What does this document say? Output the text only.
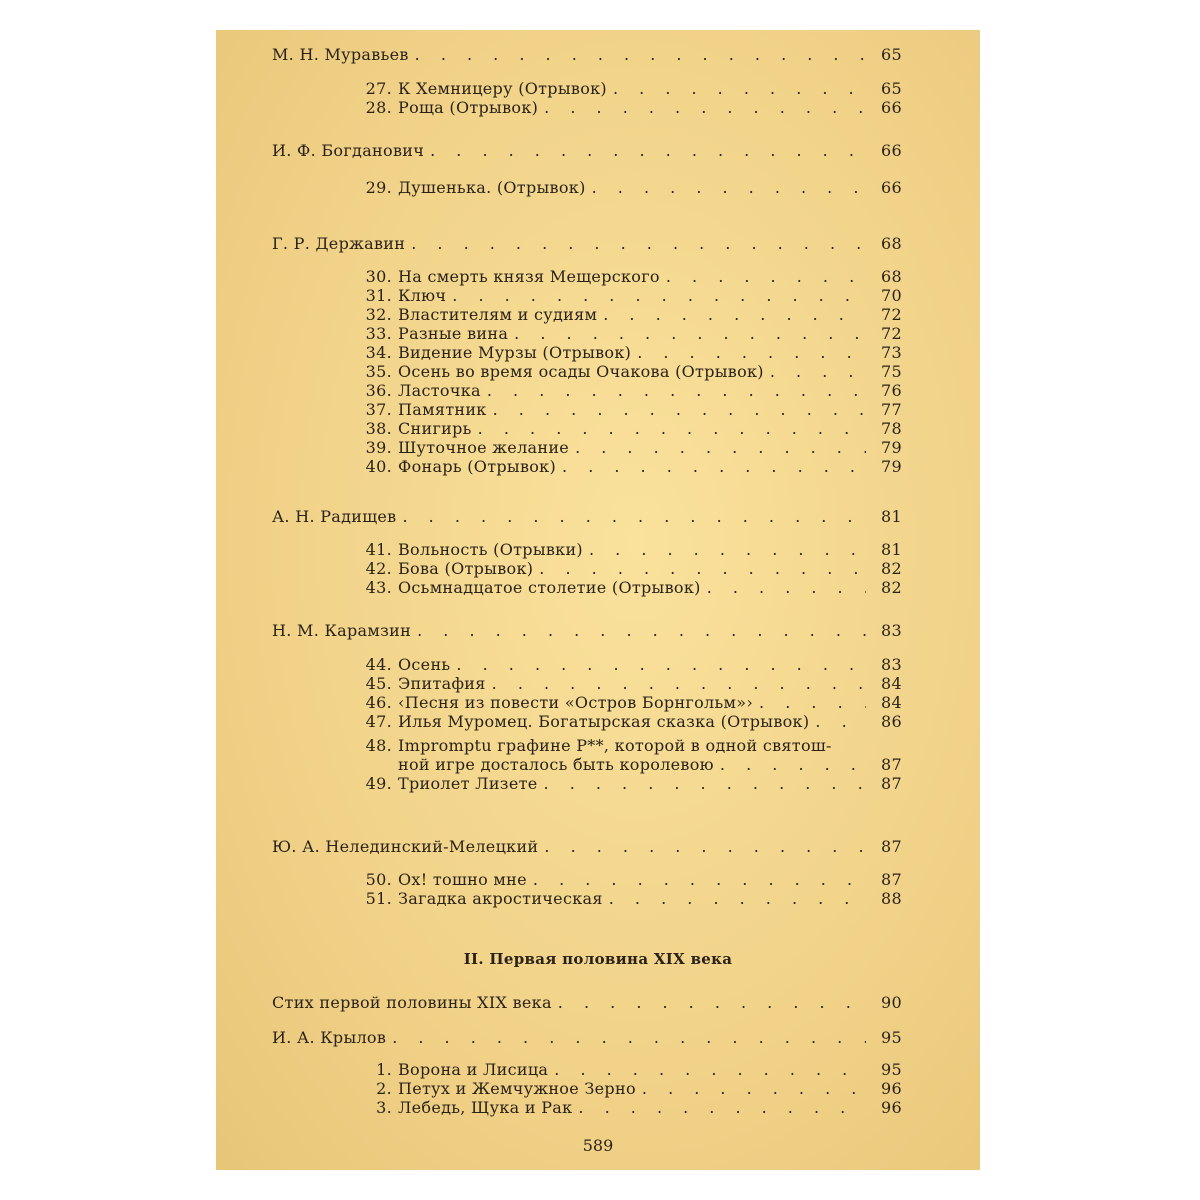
М. Н. Муравьев . . .	65
27. К Хемницеру (Отрывок) . . .	65
28. Роща (Отрывок) . . .	66
И. Ф. Богданович . . .	66
29. Душенька. (Отрывок) . . .	66
Г. Р. Державин . . .	68
30. На смерть князя Мещерского . . .	68
31. Ключ . . .	70
32. Властителям и судиям . . .	72
33. Разные вина . . .	72
34. Видение Мурзы (Отрывок) . . .	73
35. Осень во время осады Очакова (Отрывок) . . .	75
36. Ласточка . . .	76
37. Памятник . . .	77
38. Снигирь . . .	78
39. Шуточное желание . . .	79
40. Фонарь (Отрывок) . . .	79
А. Н. Радищев . . .	81
41. Вольность (Отрывки) . . .	81
42. Бова (Отрывок) . . .	82
43. Осьмнадцатое столетие (Отрывок) . . .	82
Н. М. Карамзин . . .	83
44. Осень . . .	83
45. Эпитафия . . .	84
46. ‹Песня из повести «Остров Борнгольм»› . . .	84
47. Илья Муромец. Богатырская сказка (Отрывок) . . .	86
48. Impromptu графине Р**, которой в одной святош-
ной игре досталось быть королевою . . .	87
49. Триолет Лизете . . .	87
Ю. А. Нелединский-Мелецкий . . .	87
50. Ох! тошно мне . . .	87
51. Загадка акростическая . . .	88
II. Первая половина XIX века
Стих первой половины XIX века . . .	90
И. А. Крылов . . .	95
1. Ворона и Лисица . . .	95
2. Петух и Жемчужное Зерно . . .	96
3. Лебедь, Щука и Рак . . .	96
589
